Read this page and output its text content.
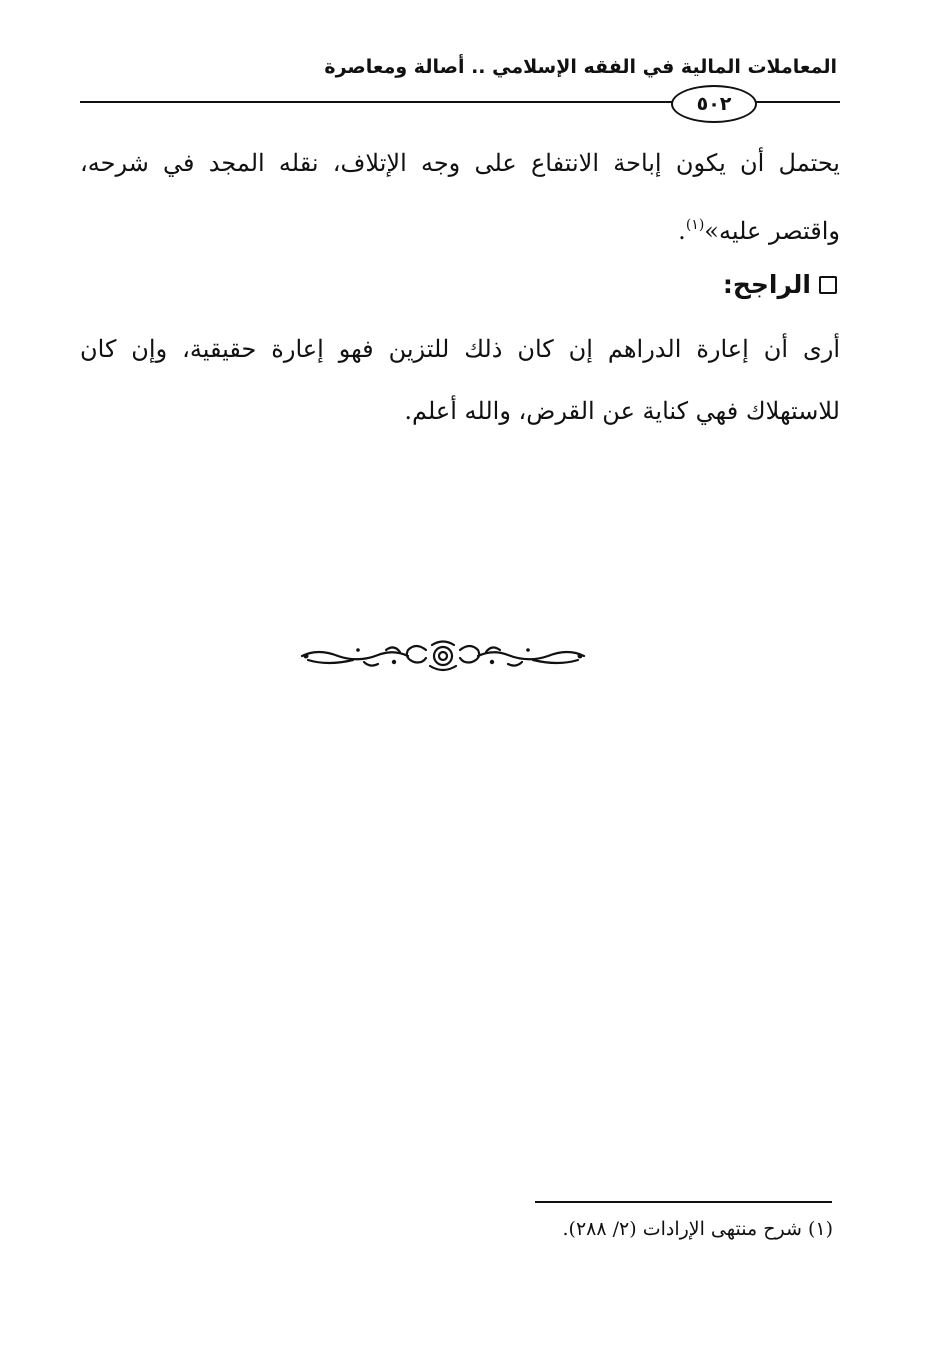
المعاملات المالية في الفقه الإسلامي .. أصالة ومعاصرة
٥٠٢
يحتمل أن يكون إباحة الانتفاع على وجه الإتلاف، نقله المجد في شرحه، واقتصر عليه»$^{(١)}$.
الراجح:
أرى أن إعارة الدراهم إن كان ذلك للتزين فهو إعارة حقيقية، وإن كان للاستهلاك فهي كناية عن القرض، والله أعلم.
(١) شرح منتهى الإرادات (٢/ ٢٨٨).
